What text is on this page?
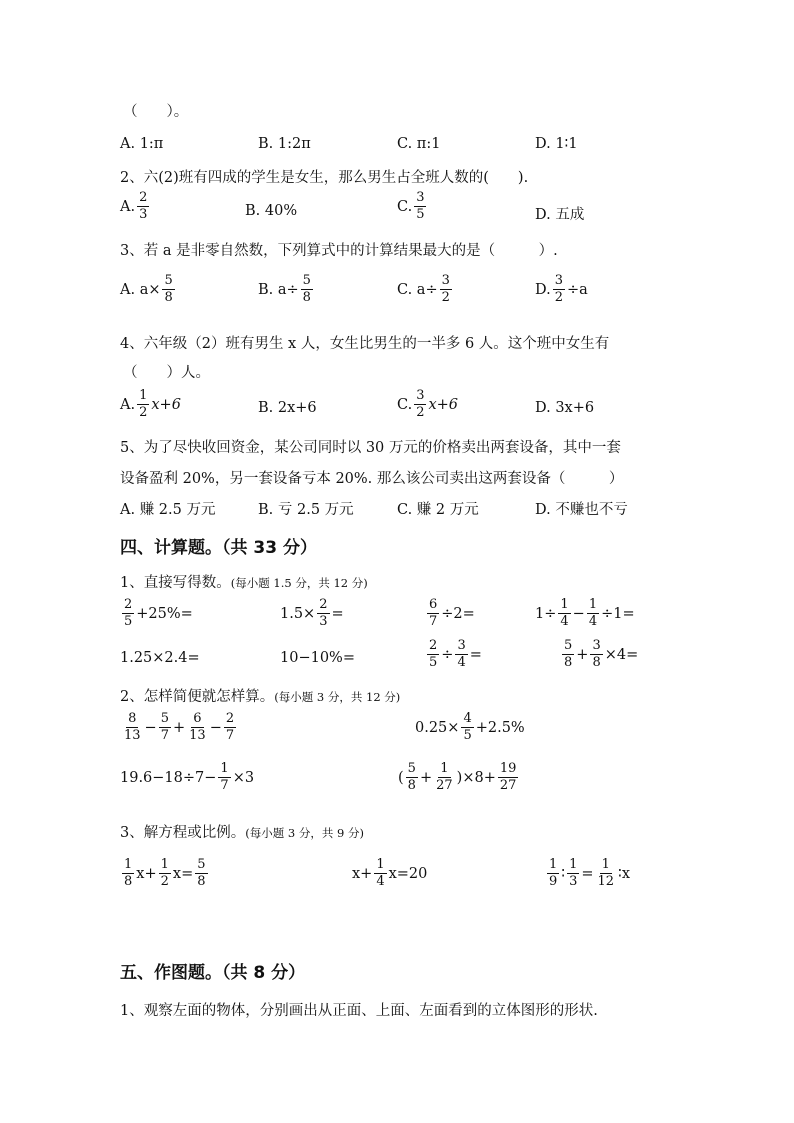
（　　）。
A. 1:π	B. 1:2π	C. π:1	D. 1∶1
2、六(2)班有四成的学生是女生，那么男生占全班人数的(　　).
A. $\frac{2}{3}$	B. 40%	C. $\frac{3}{5}$	D. 五成
3、若 a 是非零自然数，下列算式中的计算结果最大的是（　　　）.
A. $a\times \frac{5}{8}$	B. $a\div \frac{5}{8}$	C. $a\div \frac{3}{2}$	D. $\frac{3}{2} \div a$
4、六年级（2）班有男生 x 人，女生比男生的一半多 6 人。这个班中女生有
（　　）人。
A. $\frac{1}{2} x+6$	B. 2x+6	C. $\frac{3}{2} x+6$	D. 3x+6
5、为了尽快收回资金，某公司同时以 30 万元的价格卖出两套设备，其中一套
设备盈利 20%，另一套设备亏本 20%. 那么该公司卖出这两套设备（　　　）
A. 赚 2.5 万元	B. 亏 2.5 万元	C. 赚 2 万元	D. 不赚也不亏
四、计算题。（共 33 分）
1、直接写得数。(每小题 1.5 分，共 12 分)
$\frac{2}{5} +25\%=$	$1.5\times \frac{2}{3}$ =	$\frac{6}{7} \div 2=$	$1\div \frac{1}{4} - \frac{1}{4} \div 1=$
1.25×2.4=	10−10%=	$\frac{2}{5} \div \frac{3}{4}$ =	$\frac{5}{8} + \frac{3}{8} \times 4=$
2、怎样简便就怎样算。(每小题 3 分，共 12 分)
$\frac{8}{13} - \frac{5}{7} + \frac{6}{13} - \frac{2}{7}$	$0.25\times \frac{4}{5} +2.5\%$
$19.6-18\div 7- \frac{1}{7} \times 3$	( $\frac{5}{8} + \frac{1}{27} )\times 8+ \frac{19}{27}$
3、解方程或比例。(每小题 3 分，共 9 分)
$\frac{1}{8} x+ \frac{1}{2} x= \frac{5}{8}$	$x+ \frac{1}{4} x=20$	$\frac{1}{9}$ ∶ $\frac{1}{3} = \frac{1}{12}$ ∶x
五、作图题。（共 8 分）
1、观察左面的物体，分别画出从正面、上面、左面看到的立体图形的形状.
